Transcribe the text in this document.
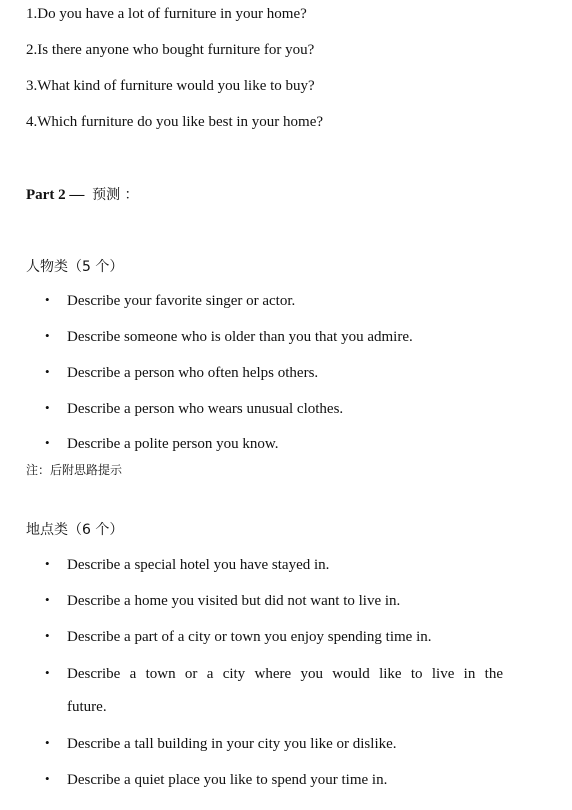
1.Do you have a lot of furniture in your home?
2.Is there anyone who bought furniture for you?
3.What kind of furniture would you like to buy?
4.Which furniture do you like best in your home?
Part 2 — 预测 ：
人物类（5 个）
• Describe your favorite singer or actor.
• Describe someone who is older than you that you admire.
• Describe a person who often helps others.
• Describe a person who wears unusual clothes.
• Describe a polite person you know.
注：后附思路提示
地点类（6 个）
• Describe a special hotel you have stayed in.
• Describe a home you visited but did not want to live in.
• Describe a part of a city or town you enjoy spending time in.
• Describe a town or a city where you would like to live in the
future.
• Describe a tall building in your city you like or dislike.
• Describe a quiet place you like to spend your time in.
